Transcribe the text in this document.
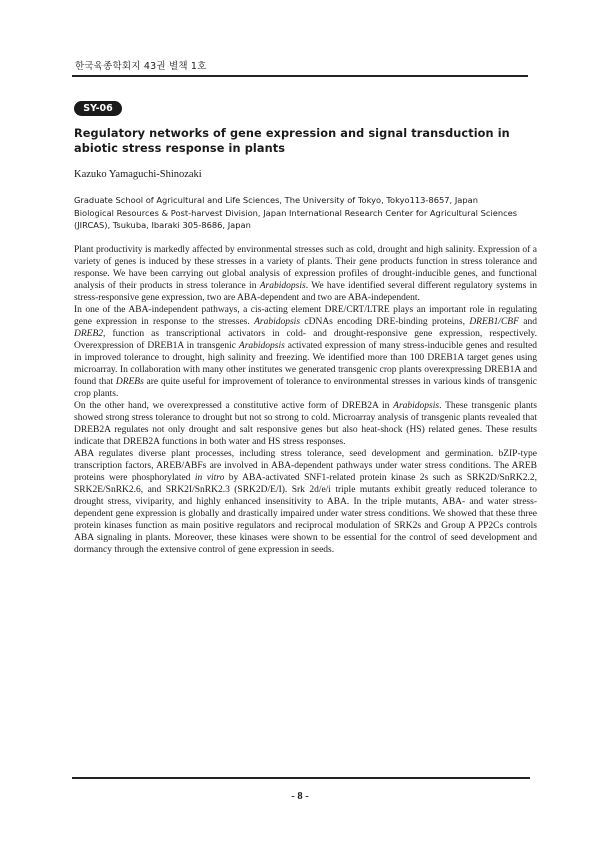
한국육종학회지 43권 별책 1호
SY-06
Regulatory networks of gene expression and signal transduction in abiotic stress response in plants
Kazuko Yamaguchi-Shinozaki
Graduate School of Agricultural and Life Sciences, The University of Tokyo, Tokyo113-8657, Japan
Biological Resources & Post-harvest Division, Japan International Research Center for Agricultural Sciences
(JIRCAS), Tsukuba, Ibaraki 305-8686, Japan

Plant productivity is markedly affected by environmental stresses such as cold, drought and high salinity. Expression of a variety of genes is induced by these stresses in a variety of plants. Their gene products function in stress tolerance and response. We have been carrying out global analysis of expression profiles of drought-inducible genes, and functional analysis of their products in stress tolerance in Arabidopsis. We have identified several different regulatory systems in stress-responsive gene expression, two are ABA-dependent and two are ABA-independent.

In one of the ABA-independent pathways, a cis-acting element DRE/CRT/LTRE plays an important role in regulating gene expression in response to the stresses. Arabidopsis cDNAs encoding DRE-binding proteins, DREB1/CBF and DREB2, function as transcriptional activators in cold- and drought-responsive gene expression, respectively. Overexpression of DREB1A in transgenic Arabidopsis activated expression of many stress-inducible genes and resulted in improved tolerance to drought, high salinity and freezing. We identified more than 100 DREB1A target genes using microarray. In collaboration with many other institutes we generated transgenic crop plants overexpressing DREB1A and found that DREBs are quite useful for improvement of tolerance to environmental stresses in various kinds of transgenic crop plants.

On the other hand, we overexpressed a constitutive active form of DREB2A in Arabidopsis. These transgenic plants showed strong stress tolerance to drought but not so strong to cold. Microarray analysis of transgenic plants revealed that DREB2A regulates not only drought and salt responsive genes but also heat-shock (HS) related genes. These results indicate that DREB2A functions in both water and HS stress responses.

ABA regulates diverse plant processes, including stress tolerance, seed development and germination. bZIP-type transcription factors, AREB/ABFs are involved in ABA-dependent pathways under water stress conditions. The AREB proteins were phosphorylated in vitro by ABA-activated SNF1-related protein kinase 2s such as SRK2D/SnRK2.2, SRK2E/SnRK2.6, and SRK2I/SnRK2.3 (SRK2D/E/I). Srk 2d/e/i triple mutants exhibit greatly reduced tolerance to drought stress, viviparity, and highly enhanced insensitivity to ABA. In the triple mutants, ABA- and water stress-dependent gene expression is globally and drastically impaired under water stress conditions. We showed that these three protein kinases function as main positive regulators and reciprocal modulation of SRK2s and Group A PP2Cs controls ABA signaling in plants. Moreover, these kinases were shown to be essential for the control of seed development and dormancy through the extensive control of gene expression in seeds.

- 8 -
